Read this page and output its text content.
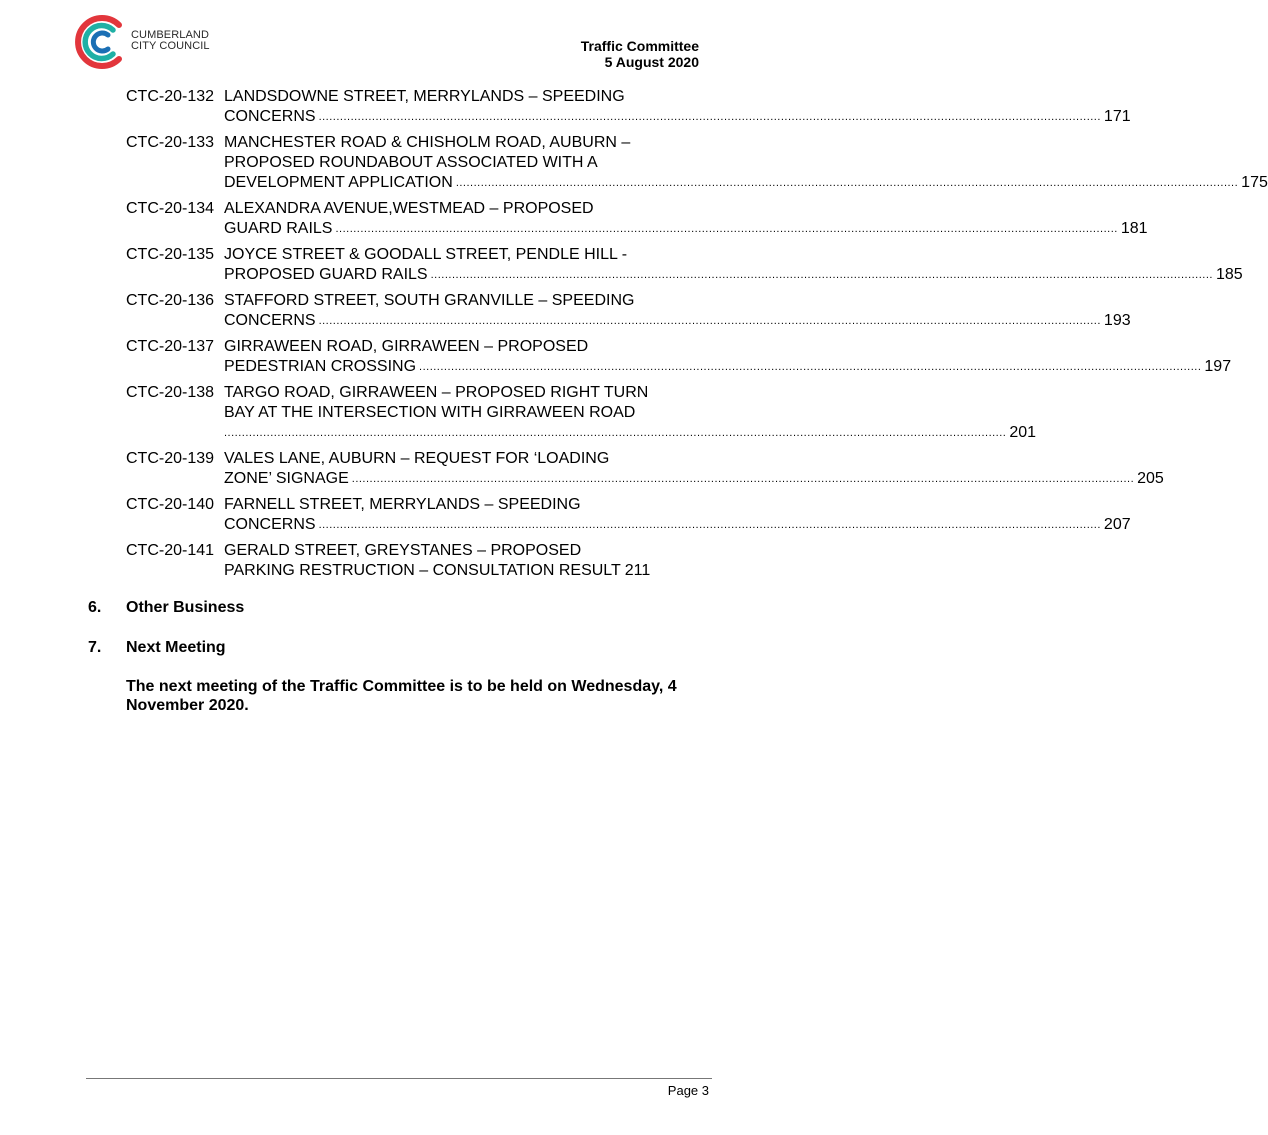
CUMBERLAND
CITY COUNCIL	Traffic Committee
5 August 2020
CTC-20-132 LANDSDOWNE STREET, MERRYLANDS – SPEEDING
CONCERNS ............................................................................................................................................................................................................................ 171
CTC-20-133 MANCHESTER ROAD & CHISHOLM ROAD, AUBURN –
PROPOSED ROUNDABOUT ASSOCIATED WITH A
DEVELOPMENT APPLICATION ............................................................................................................................................................................................................................ 175
CTC-20-134 ALEXANDRA AVENUE,WESTMEAD – PROPOSED
GUARD RAILS ............................................................................................................................................................................................................................ 181
CTC-20-135 JOYCE STREET & GOODALL STREET, PENDLE HILL -
PROPOSED GUARD RAILS ............................................................................................................................................................................................................................ 185
CTC-20-136 STAFFORD STREET, SOUTH GRANVILLE – SPEEDING
CONCERNS ............................................................................................................................................................................................................................ 193
CTC-20-137 GIRRAWEEN ROAD, GIRRAWEEN – PROPOSED
PEDESTRIAN CROSSING ............................................................................................................................................................................................................................ 197
CTC-20-138 TARGO ROAD, GIRRAWEEN – PROPOSED RIGHT TURN
BAY AT THE INTERSECTION WITH GIRRAWEEN ROAD
............................................................................................................................................................................................................................ 201
CTC-20-139 VALES LANE, AUBURN – REQUEST FOR ‘LOADING
ZONE’ SIGNAGE ............................................................................................................................................................................................................................ 205
CTC-20-140 FARNELL STREET, MERRYLANDS – SPEEDING
CONCERNS ............................................................................................................................................................................................................................ 207
CTC-20-141 GERALD STREET, GREYSTANES – PROPOSED
PARKING RESTRUCTION – CONSULTATION RESULT 211
6.	Other Business
7.	Next Meeting
The next meeting of the Traffic Committee is to be held on Wednesday, 4 November 2020.
Page 3
